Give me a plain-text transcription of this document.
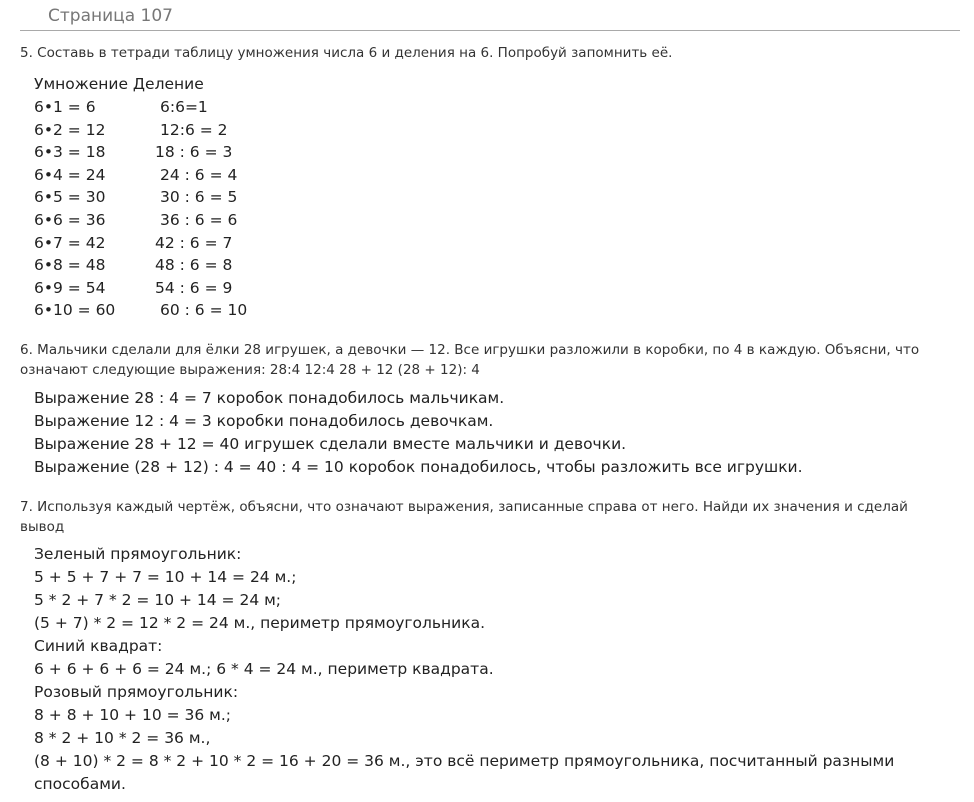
Страница 107
5. Составь в тетради таблицу умножения числа 6 и деления на 6. Попробуй запомнить её.
Умножение Деление
6•1 = 6	6:6=1
6•2 = 12	12:6 = 2
6•3 = 18	18 : 6 = 3
6•4 = 24	24 : 6 = 4
6•5 = 30	30 : 6 = 5
6•6 = 36	36 : 6 = 6
6•7 = 42	42 : 6 = 7
6•8 = 48	48 : 6 = 8
6•9 = 54	54 : 6 = 9
6•10 = 60	60 : 6 = 10
6. Мальчики сделали для ёлки 28 игрушек, а девочки — 12. Все игрушки разложили в коробки, по 4 в каждую. Объясни, что означают следующие выражения: 28:4 12:4 28 + 12 (28 + 12): 4
Выражение 28 : 4 = 7 коробок понадобилось мальчикам.
Выражение 12 : 4 = 3 коробки понадобилось девочкам.
Выражение 28 + 12 = 40 игрушек сделали вместе мальчики и девочки.
Выражение (28 + 12) : 4 = 40 : 4 = 10 коробок понадобилось, чтобы разложить все игрушки.
7. Используя каждый чертёж, объясни, что означают выражения, записанные справа от него. Найди их значения и сделай вывод
Зеленый прямоугольник:
5 + 5 + 7 + 7 = 10 + 14 = 24 м.;
5 * 2 + 7 * 2 = 10 + 14 = 24 м;
(5 + 7) * 2 = 12 * 2 = 24 м., периметр прямоугольника.
Синий квадрат:
6 + 6 + 6 + 6 = 24 м.; 6 * 4 = 24 м., периметр квадрата.
Розовый прямоугольник:
8 + 8 + 10 + 10 = 36 м.;
8 * 2 + 10 * 2 = 36 м.,
(8 + 10) * 2 = 8 * 2 + 10 * 2 = 16 + 20 = 36 м., это всё периметр прямоугольника, посчитанный разными
способами.
